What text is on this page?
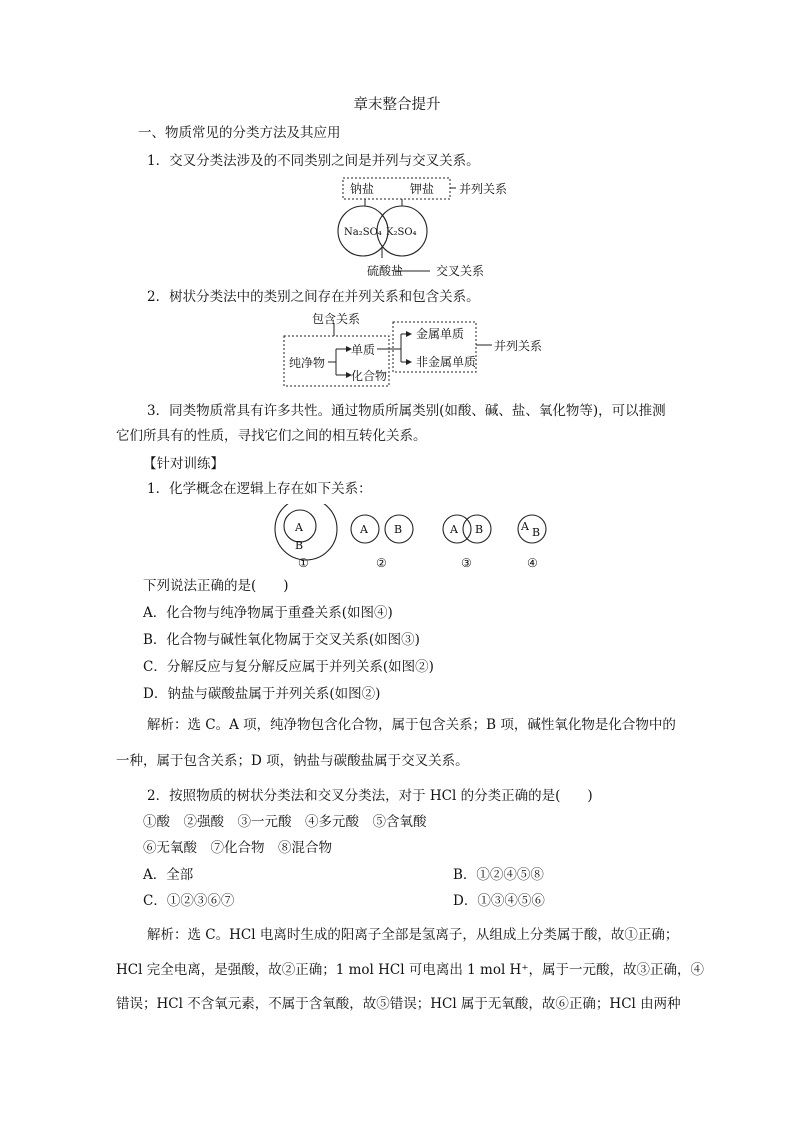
章末整合提升
一、物质常见的分类方法及其应用
1．交叉分类法涉及的不同类别之间是并列与交叉关系。
钠盐	钾盐
Na₂SO₄ K₂SO₄
并列关系
硫酸盐	交叉关系
2．树状分类法中的类别之间存在并列关系和包含关系。
包含关系
纯净物
单质
化合物
金属单质
非金属单质
并列关系
3．同类物质常具有许多共性。通过物质所属类别(如酸、碱、盐、氧化物等)，可以推测
它们所具有的性质，寻找它们之间的相互转化关系。
【针对训练】
1．化学概念在逻辑上存在如下关系：
A
B
A B	A B	A B
①	②	③	④
下列说法正确的是(　　)
A．化合物与纯净物属于重叠关系(如图④)
B．化合物与碱性氧化物属于交叉关系(如图③)
C．分解反应与复分解反应属于并列关系(如图②)
D．钠盐与碳酸盐属于并列关系(如图②)
解析：选 C。A 项，纯净物包含化合物，属于包含关系；B 项，碱性氧化物是化合物中的
一种，属于包含关系；D 项，钠盐与碳酸盐属于交叉关系。
2．按照物质的树状分类法和交叉分类法，对于 HCl 的分类正确的是(　　)
①酸　②强酸　③一元酸　④多元酸　⑤含氧酸
⑥无氧酸　⑦化合物　⑧混合物
A．全部	B．①②④⑤⑧
C．①②③⑥⑦	D．①③④⑤⑥
解析：选 C。HCl 电离时生成的阳离子全部是氢离子，从组成上分类属于酸，故①正确；
HCl 完全电离，是强酸，故②正确；1 mol HCl 可电离出 1 mol H⁺，属于一元酸，故③正确，④
错误；HCl 不含氧元素，不属于含氧酸，故⑤错误；HCl 属于无氧酸，故⑥正确；HCl 由两种
